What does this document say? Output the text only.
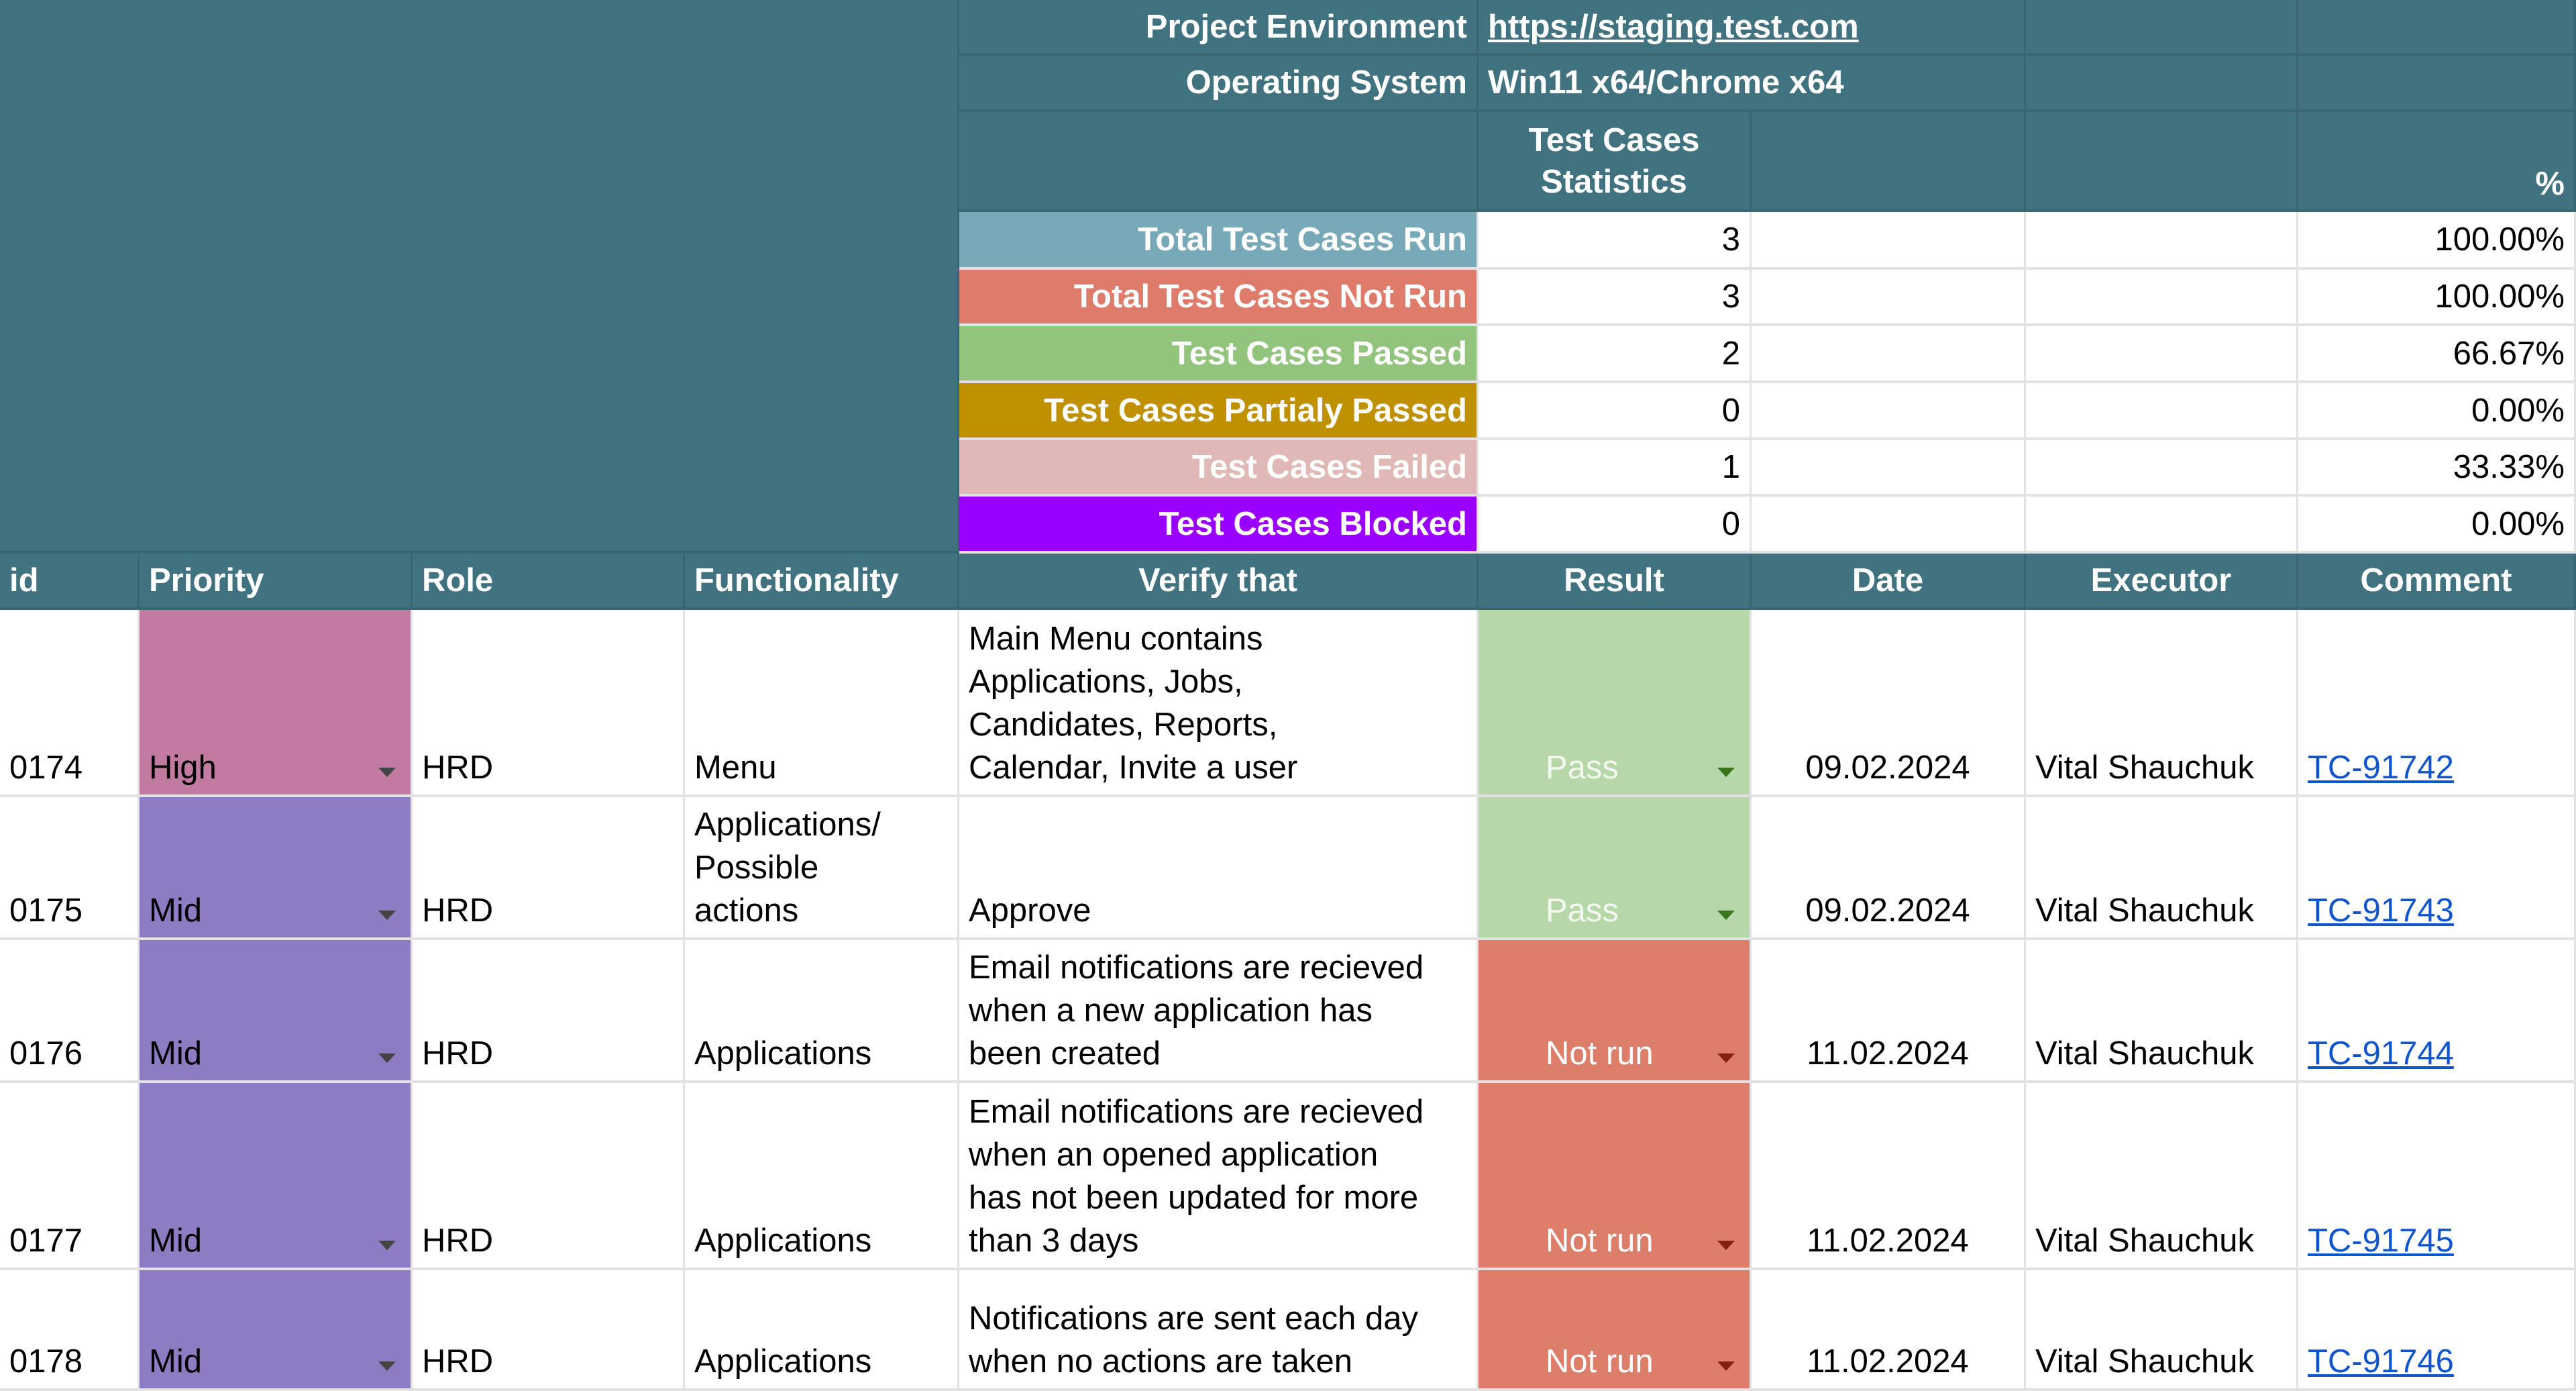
Project Environment https://staging.test.com
Operating System Win11 x64/Chrome x64
Test Cases
Statistics	%
Total Test Cases Run	3	100.00%
Total Test Cases Not Run	3	100.00%
Test Cases Passed	2	66.67%
Test Cases Partialy Passed	0	0.00%
Test Cases Failed	1	33.33%
Test Cases Blocked	0	0.00%
id	Priority	Role	Functionality	Verify that	Result	Date	Executor	Comment
0174	High	HRD	Menu
Main Menu contains
Applications, Jobs,
Candidates, Reports,
Calendar, Invite a user	Pass	09.02.2024	Vital Shauchuk	TC-91742
0175	Mid	HRD
Applications/
Possible
actions	Approve	Pass	09.02.2024	Vital Shauchuk	TC-91743
0176	Mid	HRD	Applications
Email notifications are recieved
when a new application has
been created	Not run	11.02.2024	Vital Shauchuk	TC-91744
0177	Mid	HRD	Applications
Email notifications are recieved
when an opened application
has not been updated for more
than 3 days	Not run	11.02.2024	Vital Shauchuk	TC-91745
0178	Mid	HRD	Applications
Notifications are sent each day
when no actions are taken	Not run	11.02.2024	Vital Shauchuk	TC-91746
